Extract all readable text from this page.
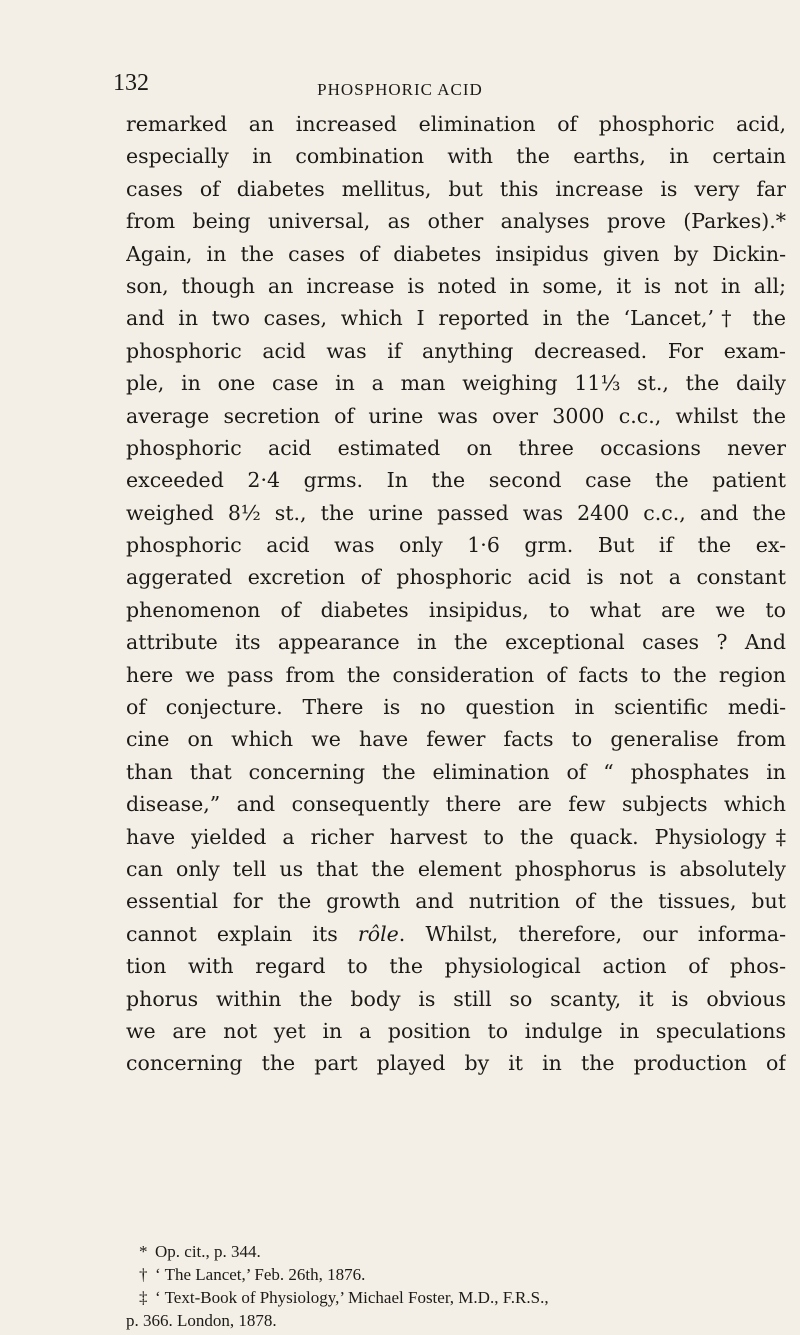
132	PHOSPHORIC ACID
remarked an increased elimination of phosphoric acid,
especially in combination with the earths, in certain
cases of diabetes mellitus, but this increase is very far
from being universal, as other analyses prove (Parkes).*
Again, in the cases of diabetes insipidus given by Dickin-
son, though an increase is noted in some, it is not in all;
and in two cases, which I reported in the ‘Lancet,’† the
phosphoric acid was if anything decreased. For exam-
ple, in one case in a man weighing 11⅓ st., the daily
average secretion of urine was over 3000 c.c., whilst the
phosphoric acid estimated on three occasions never
exceeded 2·4 grms. In the second case the patient
weighed 8½ st., the urine passed was 2400 c.c., and the
phosphoric acid was only 1·6 grm. But if the ex-
aggerated excretion of phosphoric acid is not a constant
phenomenon of diabetes insipidus, to what are we to
attribute its appearance in the exceptional cases ? And
here we pass from the consideration of facts to the region
of conjecture. There is no question in scientific medi-
cine on which we have fewer facts to generalise from
than that concerning the elimination of “ phosphates in
disease,” and consequently there are few subjects which
have yielded a richer harvest to the quack. Physiology‡
can only tell us that the element phosphorus is absolutely
essential for the growth and nutrition of the tissues, but
cannot explain its rôle. Whilst, therefore, our informa-
tion with regard to the physiological action of phos-
phorus within the body is still so scanty, it is obvious
we are not yet in a position to indulge in speculations
concerning the part played by it in the production of
* Op. cit., p. 344.
† ‘ The Lancet,’ Feb. 26th, 1876.
‡ ‘ Text-Book of Physiology,’ Michael Foster, M.D., F.R.S.,
p. 366. London, 1878.
